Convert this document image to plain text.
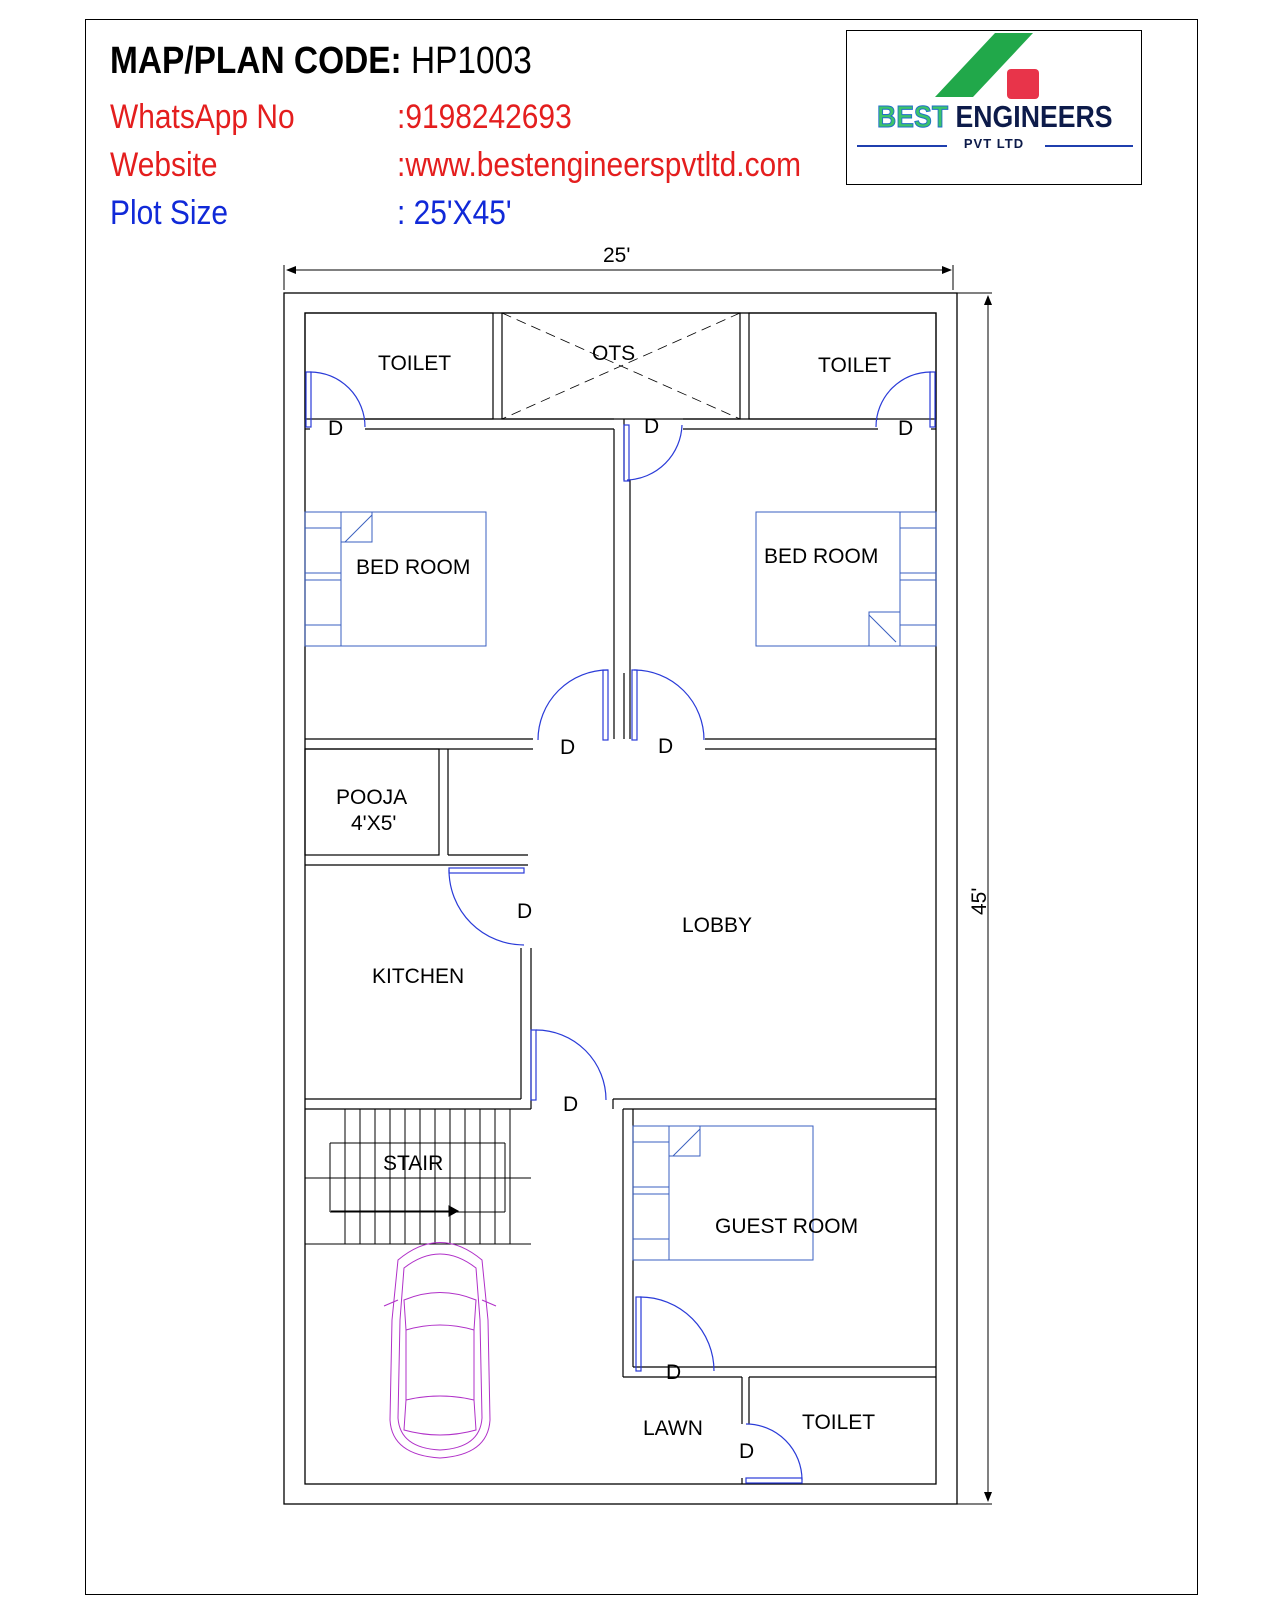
MAP/PLAN CODE: HP1003
WhatsApp No	:9198242693
Website	:www.bestengineerspvtltd.com
Plot Size	: 25'X45'
BEST ENGINEERS
PVT LTD
25'
45'
TOILET	OTS
TOILET
BED ROOM	BED ROOM
POOJA
4'X5'
LOBBY
KITCHEN
STAIR
GUEST ROOM
LAWN	TOILET
D	D	D
D	D
D
D
D
D
